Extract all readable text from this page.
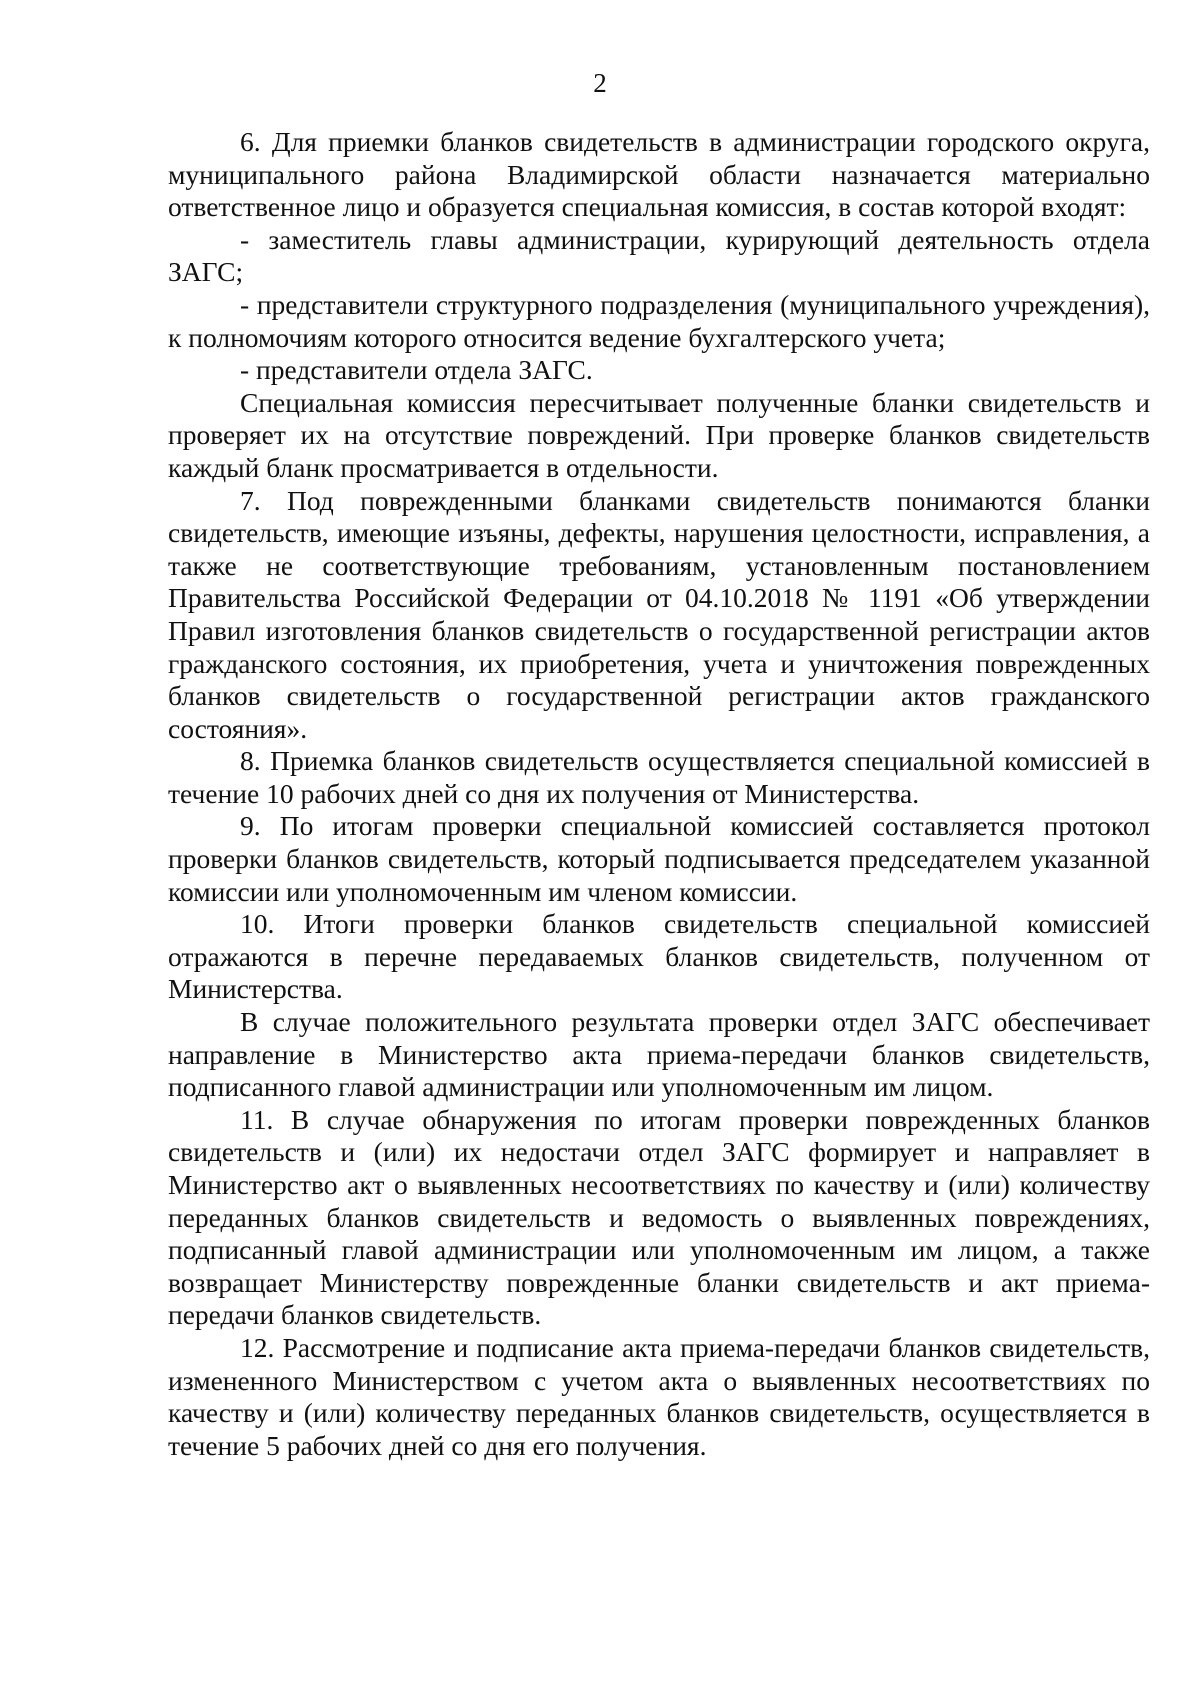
2

6. Для приемки бланков свидетельств в администрации городского округа, муниципального района Владимирской области назначается материально ответственное лицо и образуется специальная комиссия, в состав которой входят:

- заместитель главы администрации, курирующий деятельность отдела ЗАГС;

- представители структурного подразделения (муниципального учреждения), к полномочиям которого относится ведение бухгалтерского учета;

- представители отдела ЗАГС.

Специальная комиссия пересчитывает полученные бланки свидетельств и проверяет их на отсутствие повреждений. При проверке бланков свидетельств каждый бланк просматривается в отдельности.

7. Под поврежденными бланками свидетельств понимаются бланки свидетельств, имеющие изъяны, дефекты, нарушения целостности, исправления, а также не соответствующие требованиям, установленным постановлением Правительства Российской Федерации от 04.10.2018 № 1191 «Об утверждении Правил изготовления бланков свидетельств о государственной регистрации актов гражданского состояния, их приобретения, учета и уничтожения поврежденных бланков свидетельств о государственной регистрации актов гражданского состояния».

8. Приемка бланков свидетельств осуществляется специальной комиссией в течение 10 рабочих дней со дня их получения от Министерства.

9. По итогам проверки специальной комиссией составляется протокол проверки бланков свидетельств, который подписывается председателем указанной комиссии или уполномоченным им членом комиссии.

10. Итоги проверки бланков свидетельств специальной комиссией отражаются в перечне передаваемых бланков свидетельств, полученном от Министерства.

В случае положительного результата проверки отдел ЗАГС обеспечивает направление в Министерство акта приема-передачи бланков свидетельств, подписанного главой администрации или уполномоченным им лицом.

11. В случае обнаружения по итогам проверки поврежденных бланков свидетельств и (или) их недостачи отдел ЗАГС формирует и направляет в Министерство акт о выявленных несоответствиях по качеству и (или) количеству переданных бланков свидетельств и ведомость о выявленных повреждениях, подписанный главой администрации или уполномоченным им лицом, а также возвращает Министерству поврежденные бланки свидетельств и акт приема-передачи бланков свидетельств.

12. Рассмотрение и подписание акта приема-передачи бланков свидетельств, измененного Министерством с учетом акта о выявленных несоответствиях по качеству и (или) количеству переданных бланков свидетельств, осуществляется в течение 5 рабочих дней со дня его получения.
